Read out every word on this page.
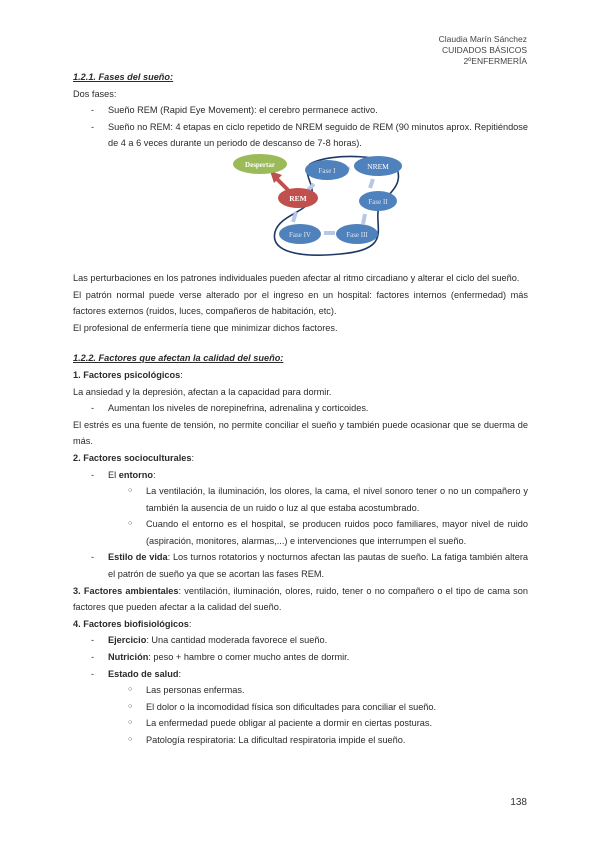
Claudia Marín Sánchez
CUIDADOS BÁSICOS
2ºENFERMERÍA

1.2.1. Fases del sueño:

Dos fases:

- Sueño REM (Rapid Eye Movement): el cerebro permanece activo.
- Sueño no REM: 4 etapas en ciclo repetido de NREM seguido de REM (90 minutos aprox. Repitiéndose de 4 a 6 veces durante un periodo de descanso de 7-8 horas).
Despertar	NREM
Fase I
REM	Fase II
Fase IV	Fase III

Las perturbaciones en los patrones individuales pueden afectar al ritmo circadiano y alterar el ciclo del sueño.

El patrón normal puede verse alterado por el ingreso en un hospital: factores internos (enfermedad) más factores externos (ruidos, luces, compañeros de habitación, etc).

El profesional de enfermería tiene que minimizar dichos factores.

1.2.2. Factores que afectan la calidad del sueño:

1. Factores psicológicos:

La ansiedad y la depresión, afectan a la capacidad para dormir.

- Aumentan los niveles de norepinefrina, adrenalina y corticoides.

El estrés es una fuente de tensión, no permite conciliar el sueño y también puede ocasionar que se duerma de más.

2. Factores socioculturales:

- El entorno:
○ La ventilación, la iluminación, los olores, la cama, el nivel sonoro tener o no un compañero y también la ausencia de un ruido o luz al que estaba acostumbrado.
○ Cuando el entorno es el hospital, se producen ruidos poco familiares, mayor nivel de ruido (aspiración, monitores, alarmas,...) e intervenciones que interrumpen el sueño.
- Estilo de vida: Los turnos rotatorios y nocturnos afectan las pautas de sueño. La fatiga también altera el patrón de sueño ya que se acortan las fases REM.

3. Factores ambientales: ventilación, iluminación, olores, ruido, tener o no compañero o el tipo de cama son factores que pueden afectar a la calidad del sueño.

4. Factores biofisiológicos:

- Ejercicio: Una cantidad moderada favorece el sueño.
- Nutrición: peso + hambre o comer mucho antes de dormir.
- Estado de salud:
○ Las personas enfermas.
○ El dolor o la incomodidad física son dificultades para conciliar el sueño.
○ La enfermedad puede obligar al paciente a dormir en ciertas posturas.
○ Patología respiratoria: La dificultad respiratoria impide el sueño.
138
